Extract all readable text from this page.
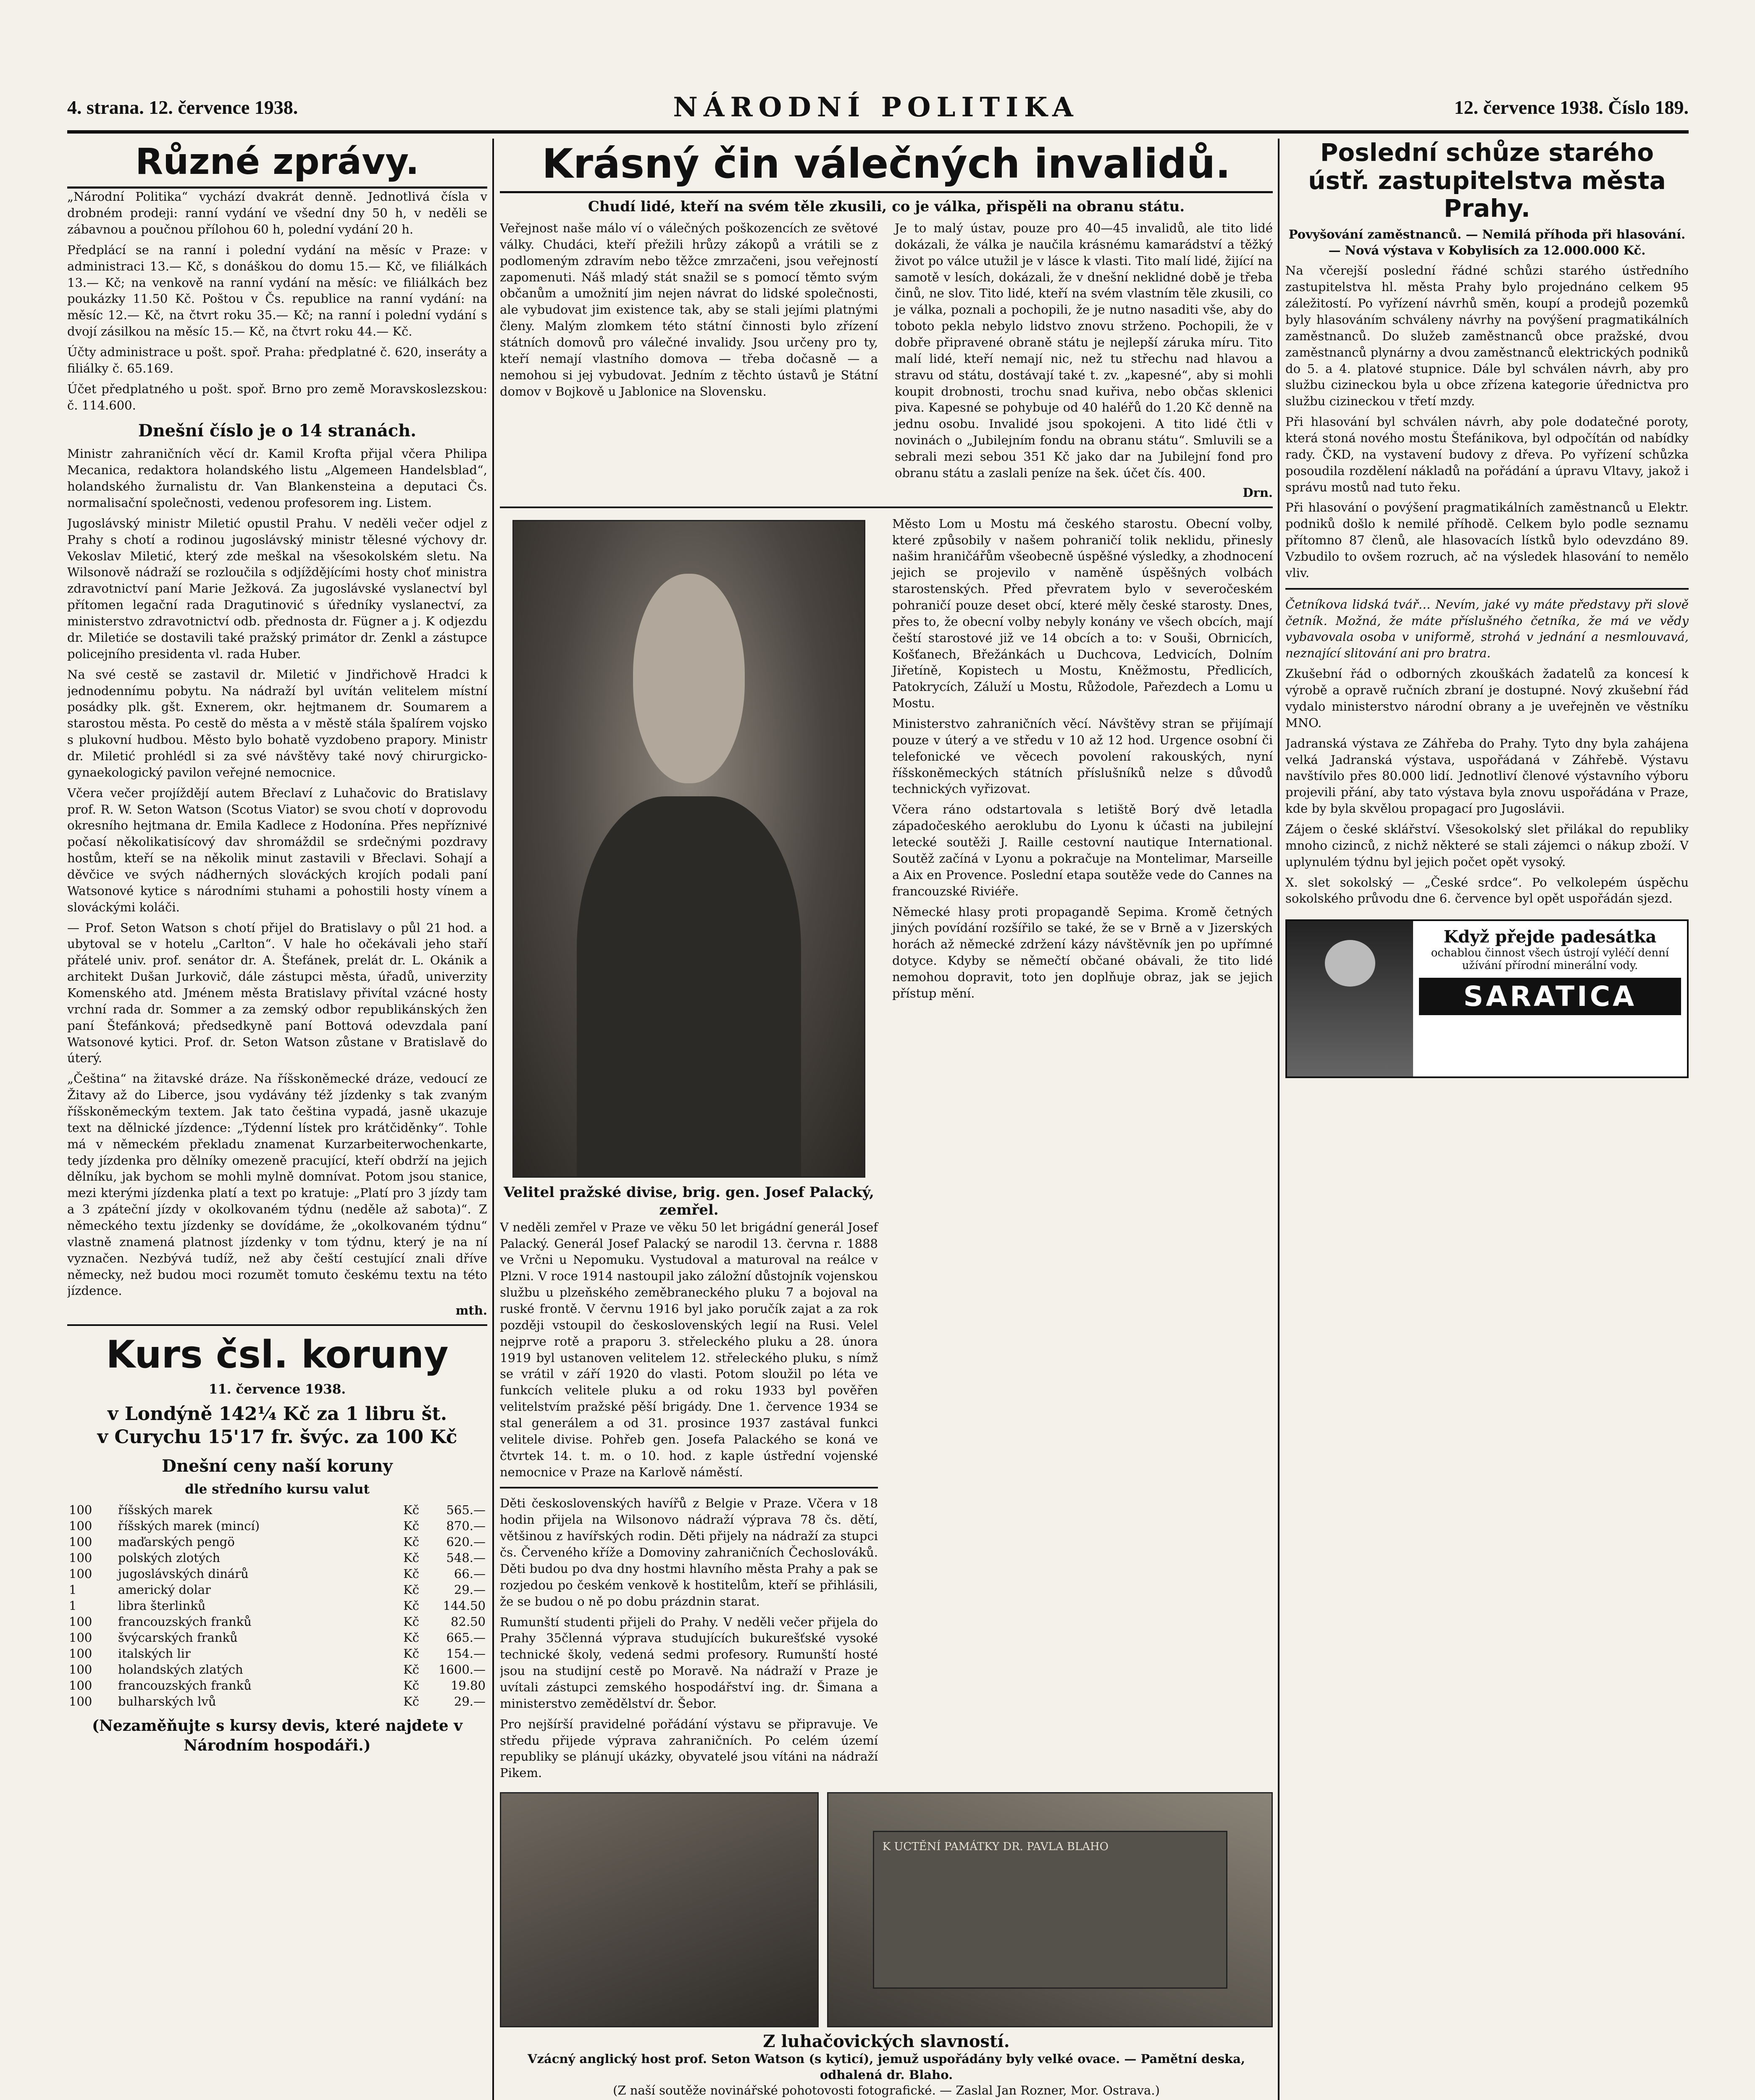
4. strana. 12. července 1938.	NÁRODNÍ POLITIKA	12. července 1938. Číslo 189.
Různé zprávy.

„Národní Politika“ vychází dvakrát denně. Jednotlivá čísla v drobném prodeji: ranní vydání ve všední dny 50 h, v neděli se zábavnou a poučnou přílohou 60 h, polední vydání 20 h.

Předplácí se na ranní i polední vydání na měsíc v Praze: v administraci 13.— Kč, s donáškou do domu 15.— Kč, ve filiálkách 13.— Kč; na venkově na ranní vydání na měsíc: ve filiálkách bez poukázky 11.50 Kč. Poštou v Čs. republice na ranní vydání: na měsíc 12.— Kč, na čtvrt roku 35.— Kč; na ranní i polední vydání s dvojí zásilkou na měsíc 15.— Kč, na čtvrt roku 44.— Kč.

Účty administrace u pošt. spoř. Praha: předplatné č. 620, inseráty a filiálky č. 65.169.

Účet předplatného u pošt. spoř. Brno pro země Moravskoslezskou: č. 114.600.

Dnešní číslo je o 14 stranách.

Ministr zahraničních věcí dr. Kamil Krofta přijal včera Philipa Mecanica, redaktora holandského listu „Algemeen Handelsblad“, holandského žurnalistu dr. Van Blankensteina a deputaci Čs. normalisační společnosti, vedenou profesorem ing. Listem.

Jugoslávský ministr Miletić opustil Prahu. V neděli večer odjel z Prahy s chotí a rodinou jugoslávský ministr tělesné výchovy dr. Vekoslav Miletić, který zde meškal na všesokolském sletu. Na Wilsonově nádraží se rozloučila s odjíždějícími hosty choť ministra zdravotnictví paní Marie Ježková. Za jugoslávské vyslanectví byl přítomen legační rada Dragutinović s úředníky vyslanectví, za ministerstvo zdravotnictví odb. přednosta dr. Fügner a j. K odjezdu dr. Miletiće se dostavili také pražský primátor dr. Zenkl a zástupce policejního presidenta vl. rada Huber.

Na své cestě se zastavil dr. Miletić v Jindřichově Hradci k jednodennímu pobytu. Na nádraží byl uvítán velitelem místní posádky plk. gšt. Exnerem, okr. hejtmanem dr. Soumarem a starostou města. Po cestě do města a v městě stála špalírem vojsko s plukovní hudbou. Město bylo bohatě vyzdobeno prapory. Ministr dr. Miletić prohlédl si za své návštěvy také nový chirurgicko-gynaekologický pavilon veřejné nemocnice.

Včera večer projíždějí autem Břeclaví z Luhačovic do Bratislavy prof. R. W. Seton Watson (Scotus Viator) se svou chotí v doprovodu okresního hejtmana dr. Emila Kadlece z Hodonína. Přes nepříznivé počasí několikatisícový dav shromáždil se srdečnými pozdravy hostům, kteří se na několik minut zastavili v Břeclavi. Sohají a děvčice ve svých nádherných slováckých krojích podali paní Watsonové kytice s národními stuhami a pohostili hosty vínem a slováckými koláči.

— Prof. Seton Watson s chotí přijel do Bratislavy o půl 21 hod. a ubytoval se v hotelu „Carlton“. V hale ho očekávali jeho staří přátelé univ. prof. senátor dr. A. Štefánek, prelát dr. L. Okánik a architekt Dušan Jurkovič, dále zástupci města, úřadů, univerzity Komenského atd. Jménem města Bratislavy přivítal vzácné hosty vrchní rada dr. Sommer a za zemský odbor republikánských žen paní Štefánková; předsedkyně paní Bottová odevzdala paní Watsonové kytici. Prof. dr. Seton Watson zůstane v Bratislavě do úterý.

„Čeština“ na žitavské dráze. Na říšskoněmecké dráze, vedoucí ze Žitavy až do Liberce, jsou vydávány též jízdenky s tak zvaným říšskoněmeckým textem. Jak tato čeština vypadá, jasně ukazuje text na dělnické jízdence: „Týdenní lístek pro krátčiděnky“. Tohle má v německém překladu znamenat Kurzarbeiterwochenkarte, tedy jízdenka pro dělníky omezeně pracující, kteří obdrží na jejich dělníku, jak bychom se mohli mylně domnívat. Potom jsou stanice, mezi kterými jízdenka platí a text po kratuje: „Platí pro 3 jízdy tam a 3 zpáteční jízdy v okolkovaném týdnu (neděle až sabota)“. Z německého textu jízdenky se dovídáme, že „okolkovaném týdnu“ vlastně znamená platnost jízdenky v tom týdnu, který je na ní vyznačen. Nezbývá tudíž, než aby čeští cestující znali dříve německy, než budou moci rozumět tomuto českému textu na této jízdence.

mth.
Kurs čsl. koruny
11. července 1938.
v Londýně 142¼ Kč za 1 libru št.
v Curychu 15'17 fr. švýc. za 100 Kč
Dnešní ceny naší koruny
dle středního kursu valut
100	říšských marek	Kč	565.—
100	říšských marek (mincí)	Kč	870.—
100	maďarských pengö	Kč	620.—
100	polských zlotých	Kč	548.—
100	jugoslávských dinárů	Kč	66.—
1	americký dolar	Kč	29.—
1	libra šterlinků	Kč	144.50
100	francouzských franků	Kč	82.50
100	švýcarských franků	Kč	665.—
100	italských lir	Kč	154.—
100	holandských zlatých	Kč	1600.—
100	francouzských franků	Kč	19.80
100	bulharských lvů	Kč	29.—
(Nezaměňujte s kursy devis, které najdete v Národním hospodáři.)
Krásný čin válečných invalidů.
Chudí lidé, kteří na svém těle zkusili, co je válka, přispěli na obranu státu.

Veřejnost naše málo ví o válečných poškozencích ze světové války. Chudáci, kteří přežili hrůzy zákopů a vrátili se z podlomeným zdravím nebo těžce zmrzačeni, jsou veřejností zapomenuti. Náš mladý stát snažil se s pomocí těmto svým občanům a umožnití jim nejen návrat do lidské společnosti, ale vybudovat jim existence tak, aby se stali jejími platnými členy. Malým zlomkem této státní činnosti bylo zřízení státních domovů pro válečné invalidy. Jsou určeny pro ty, kteří nemají vlastního domova — třeba dočasně — a nemohou si jej vybudovat. Jedním z těchto ústavů je Státní domov v Bojkově u Jablonice na Slovensku.

Je to malý ústav, pouze pro 40—45 invalidů, ale tito lidé dokázali, že válka je naučila krásnému kamarádství a těžký život po válce utužil je v lásce k vlasti. Tito malí lidé, žijící na samotě v lesích, dokázali, že v dnešní neklidné době je třeba činů, ne slov. Tito lidé, kteří na svém vlastním těle zkusili, co je válka, poznali a pochopili, že je nutno nasaditi vše, aby do toboto pekla nebylo lidstvo znovu strženo. Pochopili, že v dobře připravené obraně státu je nejlepší záruka míru. Tito malí lidé, kteří nemají nic, než tu střechu nad hlavou a stravu od státu, dostávají také t. zv. „kapesné“, aby si mohli koupit drobnosti, trochu snad kuřiva, nebo občas sklenici piva. Kapesné se pohybuje od 40 haléřů do 1.20 Kč denně na jednu osobu. Invalidé jsou spokojeni. A tito lidé čtli v novinách o „Jubilejním fondu na obranu státu“. Smluvili se a sebrali mezi sebou 351 Kč jako dar na Jubilejní fond pro obranu státu a zaslali peníze na šek. účet čís. 400.

Drn.
Velitel pražské divise, brig. gen. Josef Palacký, zemřel.

V neděli zemřel v Praze ve věku 50 let brigádní generál Josef Palacký. Generál Josef Palacký se narodil 13. června r. 1888 ve Vrčni u Nepomuku. Vystudoval a maturoval na reálce v Plzni. V roce 1914 nastoupil jako záložní důstojník vojenskou službu u plzeňského zeměbraneckého pluku 7 a bojoval na ruské frontě. V červnu 1916 byl jako poručík zajat a za rok později vstoupil do československých legií na Rusi. Velel nejprve rotě a praporu 3. střeleckého pluku a 28. února 1919 byl ustanoven velitelem 12. střeleckého pluku, s nímž se vrátil v září 1920 do vlasti. Potom sloužil po léta ve funkcích velitele pluku a od roku 1933 byl pověřen velitelstvím pražské pěší brigády. Dne 1. července 1934 se stal generálem a od 31. prosince 1937 zastával funkci velitele divise. Pohřeb gen. Josefa Palackého se koná ve čtvrtek 14. t. m. o 10. hod. z kaple ústřední vojenské nemocnice v Praze na Karlově náměstí.

Děti československých havířů z Belgie v Praze. Včera v 18 hodin přijela na Wilsonovo nádraží výprava 78 čs. dětí, většinou z havířských rodin. Děti přijely na nádraží za stupci čs. Červeného kříže a Domoviny zahraničních Čechoslováků. Děti budou po dva dny hostmi hlavního města Prahy a pak se rozjedou po českém venkově k hostitelům, kteří se přihlásili, že se budou o ně po dobu prázdnin starat.

Rumunští studenti přijeli do Prahy. V neděli večer přijela do Prahy 35členná výprava studujících bukurešťské vysoké technické školy, vedená sedmi profesory. Rumunští hosté jsou na studijní cestě po Moravě. Na nádraží v Praze je uvítali zástupci zemského hospodářství ing. dr. Šimana a ministerstvo zemědělství dr. Šebor.

Pro nejšírší pravidelné pořádání výstavu se připravuje. Ve středu přijede výprava zahraničních. Po celém území republiky se plánují ukázky, obyvatelé jsou vítáni na nádraží Pikem.

Město Lom u Mostu má českého starostu. Obecní volby, které způsobily v našem pohraničí tolik neklidu, přinesly našim hraničářům všeobecně úspěšné výsledky, a zhodnocení jejich se projevilo v naměně úspěšných volbách starostenských. Před převratem bylo v severočeském pohraničí pouze deset obcí, které měly české starosty. Dnes, přes to, že obecní volby nebyly konány ve všech obcích, mají čeští starostové již ve 14 obcích a to: v Souši, Obrnicích, Košťanech, Břežánkách u Duchcova, Ledvicích, Dolním Jiřetíně, Kopistech u Mostu, Kněžmostu, Předlicích, Patokrycích, Záluží u Mostu, Růžodole, Pařezdech a Lomu u Mostu.

Ministerstvo zahraničních věcí. Návštěvy stran se přijímají pouze v úterý a ve středu v 10 až 12 hod. Urgence osobní či telefonické ve věcech povolení rakouských, nyní říšskoněmeckých státních příslušníků nelze s důvodů technických vyřizovat.

Včera ráno odstartovala s letiště Borý dvě letadla západočeského aeroklubu do Lyonu k účasti na jubilejní letecké soutěži J. Raille cestovní nautique International. Soutěž začíná v Lyonu a pokračuje na Montelimar, Marseille a Aix en Provence. Poslední etapa soutěže vede do Cannes na francouzské Riviéře.

Německé hlasy proti propagandě Sepima. Kromě četných jiných povídání rozšířilo se také, že se v Brně a v Jizerských horách až německé zdržení kázy návštěvník jen po upřímné dotyce. Kdyby se němečtí občané obávali, že tito lidé nemohou dopravit, toto jen doplňuje obraz, jak se jejich přístup mění.

K UCTĚNÍ PAMÁTKY DR. PAVLA BLAHO
Z luhačovických slavností.
Vzácný anglický host prof. Seton Watson (s kyticí), jemuž uspořádány byly velké ovace. — Pamětní deska, odhalená dr. Blaho.
(Z naší soutěže novinářské pohotovosti fotografické. — Zaslal Jan Rozner, Mor. Ostrava.)
Poslední schůze starého ústř. zastupitelstva města Prahy.
Povyšování zaměstnanců. — Nemilá příhoda při hlasování. — Nová výstava v Kobylisích za 12.000.000 Kč.

Na včerejší poslední řádné schůzi starého ústředního zastupitelstva hl. města Prahy bylo projednáno celkem 95 záležitostí. Po vyřízení návrhů směn, koupí a prodejů pozemků byly hlasováním schváleny návrhy na povýšení pragmatikálních zaměstnanců. Do služeb zaměstnanců obce pražské, dvou zaměstnanců plynárny a dvou zaměstnanců elektrických podniků do 5. a 4. platové stupnice. Dále byl schválen návrh, aby pro službu cizineckou byla u obce zřízena kategorie úřednictva pro službu cizineckou v třetí mzdy.

Při hlasování byl schválen návrh, aby pole dodatečné poroty, která stoná nového mostu Štefánikova, byl odpočítán od nabídky rady. ČKD, na vystavení budovy z dřeva. Po vyřízení schůzka posoudila rozdělení nákladů na pořádání a úpravu Vltavy, jakož i správu mostů nad tuto řeku.

Při hlasování o povýšení pragmatikálních zaměstnanců u Elektr. podniků došlo k nemilé příhodě. Celkem bylo podle seznamu přítomno 87 členů, ale hlasovacích lístků bylo odevzdáno 89. Vzbudilo to ovšem rozruch, ač na výsledek hlasování to nemělo vliv.

Četníkova lidská tvář… Nevím, jaké vy máte představy při slově četník. Možná, že máte příslušného četníka, že má ve vědy vybavovala osoba v uniformě, strohá v jednání a nesmlouvavá, neznající slitování ani pro bratra.

Zkušební řád o odborných zkouškách žadatelů za koncesí k výrobě a opravě ručních zbraní je dostupné. Nový zkušební řád vydalo ministerstvo národní obrany a je uveřejněn ve věstníku MNO.

Jadranská výstava ze Záhřeba do Prahy. Tyto dny byla zahájena velká Jadranská výstava, uspořádaná v Záhřebě. Výstavu navštívilo přes 80.000 lidí. Jednotliví členové výstavního výboru projevili přání, aby tato výstava byla znovu uspořádána v Praze, kde by byla skvělou propagací pro Jugoslávii.

Zájem o české sklářství. Všesokolský slet přilákal do republiky mnoho cizinců, z nichž některé se stali zájemci o nákup zboží. V uplynulém týdnu byl jejich počet opět vysoký.

X. slet sokolský — „České srdce“. Po velkolepém úspěchu sokolského průvodu dne 6. července byl opět uspořádán sjezd.

Když přejde padesátka
ochablou činnost všech ústrojí vyléčí denní užívání přírodní minerální vody.
SARATICA
